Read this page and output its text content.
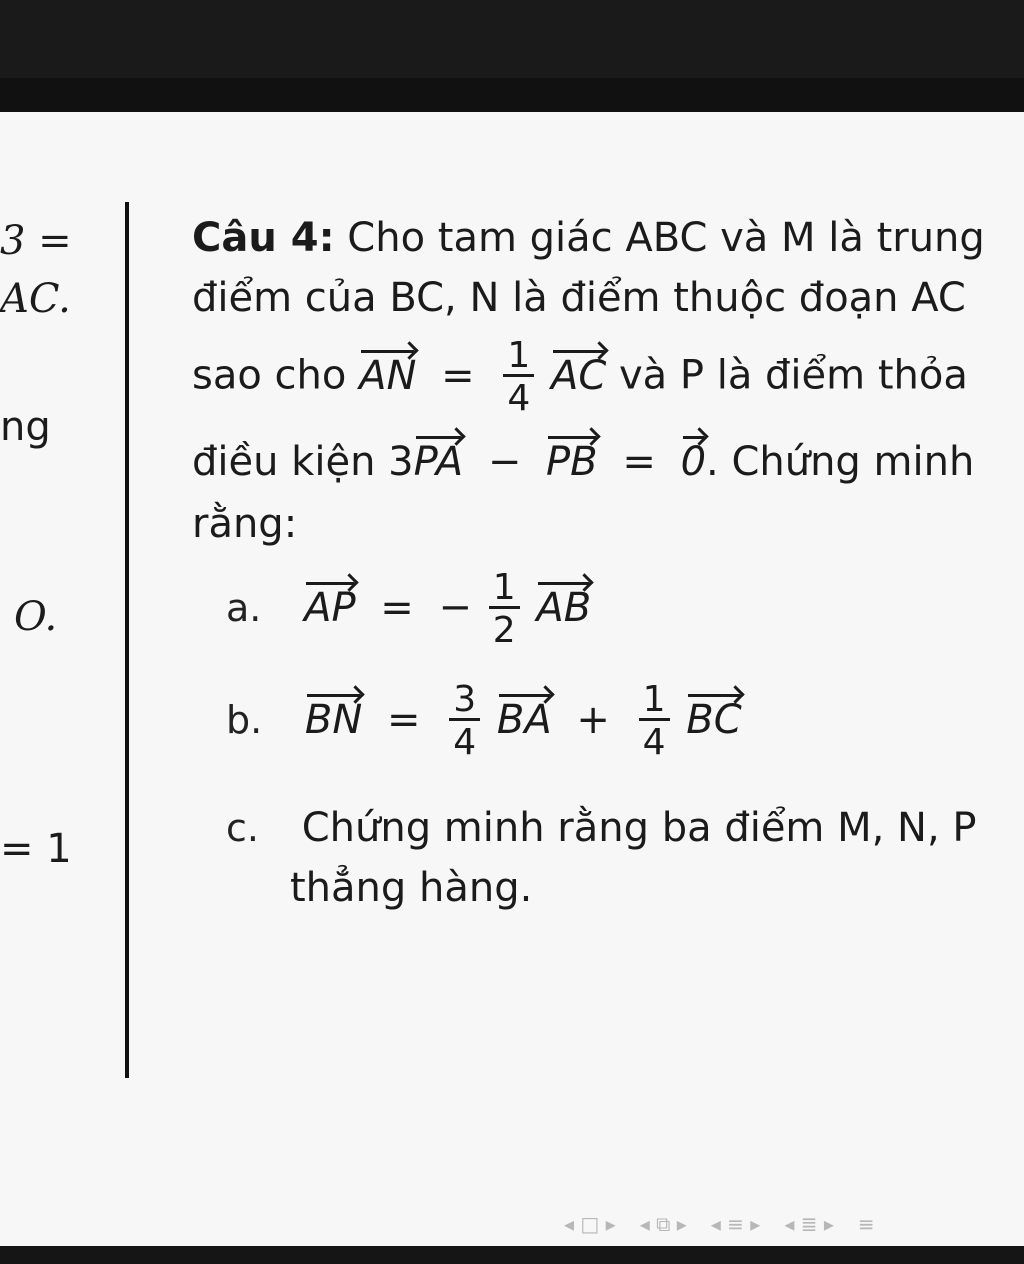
3 =
AC.
ng
O.
= 1
Câu 4: Cho tam giác ABC và M là trung
điểm của BC, N là điểm thuộc đoạn AC
sao cho AN = $\frac{1}{4}$ AC và P là điểm thỏa
điều kiện 3PA − PB = 0. Chứng minh
rằng:
a. AP = − $\frac{1}{2}$ AB
b. BN = $\frac{3}{4}$ BA + $\frac{1}{4}$ BC
c. Chứng minh rằng ba điểm M, N, P
thẳng hàng.
◂ □ ▸ ◂ ⧉ ▸ ◂ ≡ ▸ ◂ ≣ ▸ ≡
